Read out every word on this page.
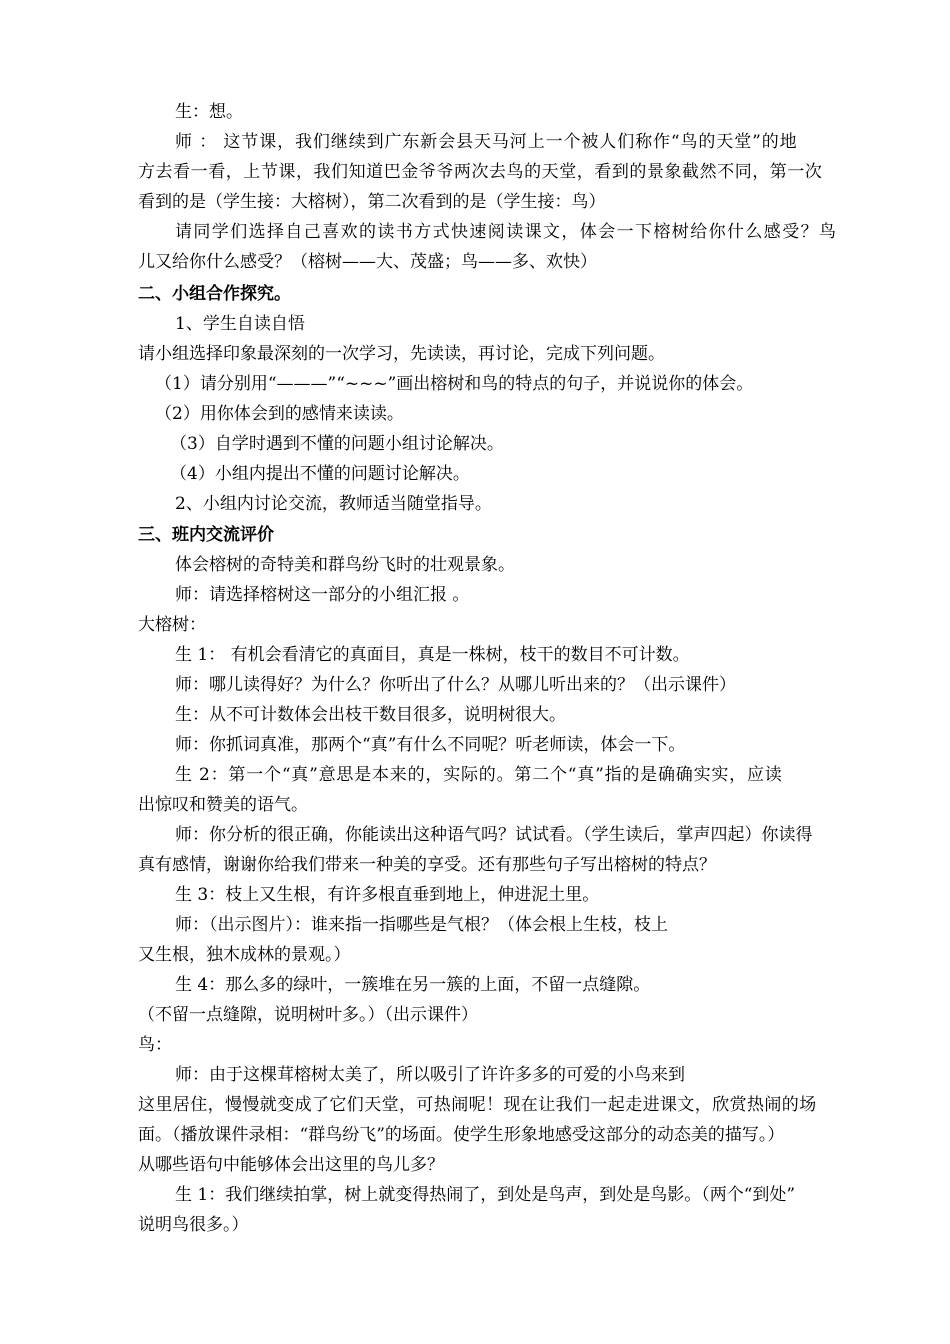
生：想。
师 ： 这节课，我们继续到广东新会县天马河上一个被人们称作“鸟的天堂”的地
方去看一看，上节课，我们知道巴金爷爷两次去鸟的天堂，看到的景象截然不同，第一次
看到的是（学生接：大榕树），第二次看到的是（学生接：鸟）
请同学们选择自己喜欢的读书方式快速阅读课文，体会一下榕树给你什么感受？鸟
儿又给你什么感受？（榕树——大、茂盛；鸟——多、欢快）
二、小组合作探究。
1、学生自读自悟
请小组选择印象最深刻的一次学习，先读读，再讨论，完成下列问题。
（1）请分别用“———”“~~~”画出榕树和鸟的特点的句子，并说说你的体会。
（2）用你体会到的感情来读读。
（3）自学时遇到不懂的问题小组讨论解决。
（4）小组内提出不懂的问题讨论解决。
2、小组内讨论交流，教师适当随堂指导。
三、班内交流评价
体会榕树的奇特美和群鸟纷飞时的壮观景象。
师：请选择榕树这一部分的小组汇报 。
大榕树：
生 1： 有机会看清它的真面目，真是一株树，枝干的数目不可计数。
师：哪儿读得好？为什么？你听出了什么？从哪儿听出来的？（出示课件）
生：从不可计数体会出枝干数目很多，说明树很大。
师：你抓词真准，那两个“真”有什么不同呢？听老师读，体会一下。
生 2：第一个“真”意思是本来的，实际的。第二个“真”指的是确确实实，应读
出惊叹和赞美的语气。
师：你分析的很正确，你能读出这种语气吗？试试看。（学生读后，掌声四起）你读得
真有感情，谢谢你给我们带来一种美的享受。还有那些句子写出榕树的特点？
生 3：枝上又生根，有许多根直垂到地上，伸进泥土里。
师：（出示图片）：谁来指一指哪些是气根？（体会根上生枝，枝上
又生根，独木成林的景观。）
生 4：那么多的绿叶，一簇堆在另一簇的上面，不留一点缝隙。
（不留一点缝隙，说明树叶多。）（出示课件）
鸟：
师：由于这棵茸榕树太美了，所以吸引了许许多多的可爱的小鸟来到
这里居住，慢慢就变成了它们天堂，可热闹呢！现在让我们一起走进课文，欣赏热闹的场
面。（播放课件录相：“群鸟纷飞”的场面。使学生形象地感受这部分的动态美的描写。）
从哪些语句中能够体会出这里的鸟儿多？
生 1：我们继续拍掌，树上就变得热闹了，到处是鸟声，到处是鸟影。（两个“到处”
说明鸟很多。）
